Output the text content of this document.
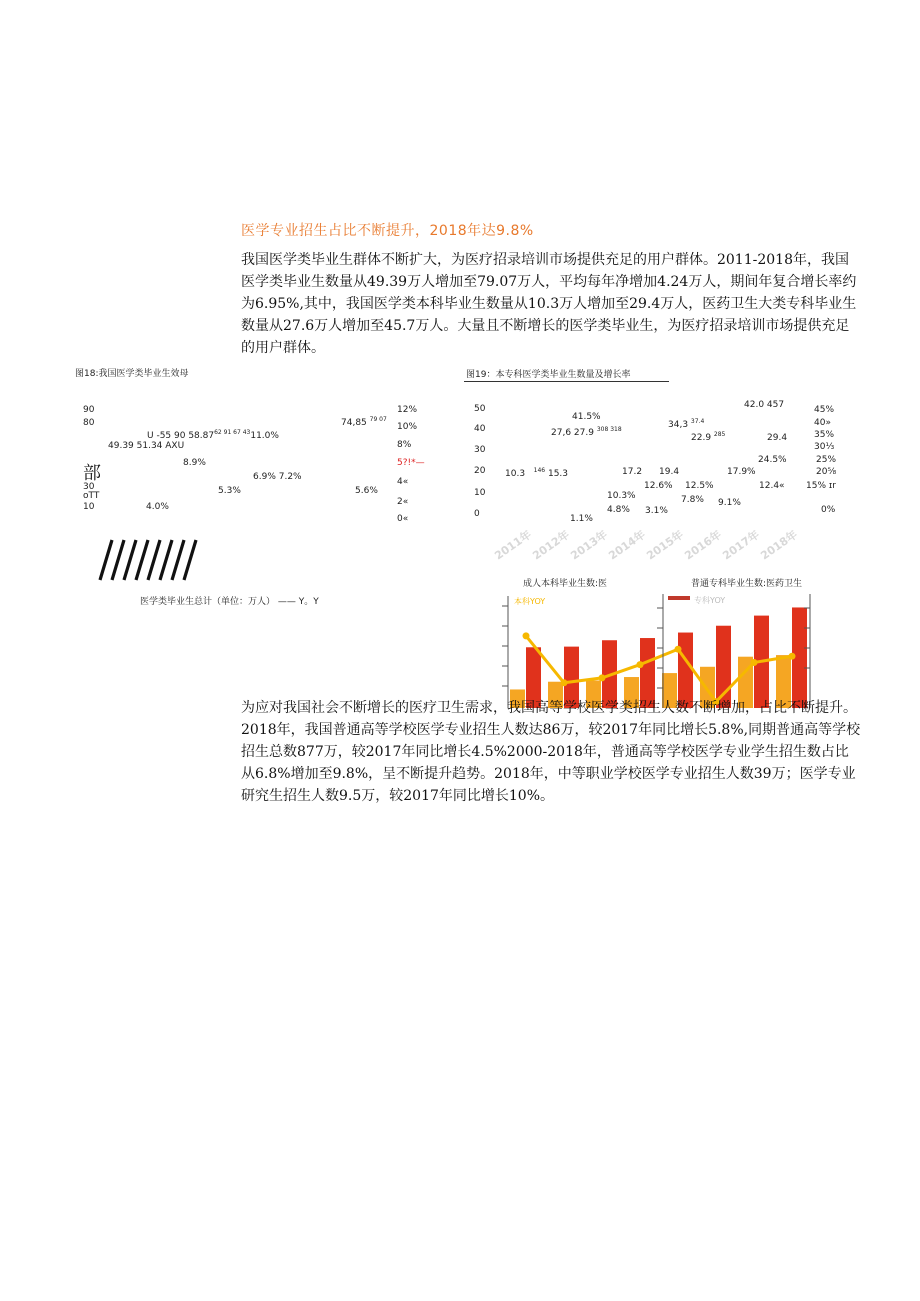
医学专业招生占比不断提升，2018年达9.8%
我国医学类毕业生群体不断扩大，为医疗招录培训市场提供充足的用户群体。2011-2018年，我国医学类毕业生数量从49.39万人增加至79.07万人，平均每年净增加4.24万人，期间年复合增长率约为6.95%,其中，我国医学类本科毕业生数量从10.3万人增加至29.4万人，医药卫生大类专科毕业生数量从27.6万人增加至45.7万人。大量且不断增长的医学类毕业生，为医疗招录培训市场提供充足的用户群体。
图18:我国医学类毕业生效母
90
80
部
30
oTT
10
U -55 90 $58.87^{62 91 67 43}11.0\%$
49.39 51.34 AXU
74,85 $^{79 07}$
8.9%
6.9% 7.2%
5.3%	5.6%
4.0%
12%
10%
8%
5?!*—
4«
2«
0«
医学类毕业生总计（单位：万人） —— Y。Y
图19：本专科医学类毕业生数量及增长率
50
40
30
20
10
0
41.5%
27,6 27.9 $^{308 318}$	34,3 $^{37.4}$
42.0 457
22.9 $^{285}$	29.4
24.5%
10.3 $^{146}$ 15.3	17.2 19.4	17.9%
12.6% 12.5%	12.4«
10.3%	7.8% 9.1%
4.8% 3.1%
1.1%
45%
40»
35%
30⅓
25%
20⅝
15% ɪr
0%
2011年
2012年
2013年
2014年
2015年
2016年
2017年
2018年
成人本科毕业生数:医	普通专科毕业生数:医药卫生
本科YOY	专科YOY
为应对我国社会不断增长的医疗卫生需求，我国高等学校医学类招生人数不断增加，占比不断提升。2018年，我国普通高等学校医学专业招生人数达86万，较2017年同比增长5.8%,同期普通高等学校招生总数877万，较2017年同比增长4.5%2000-2018年，普通高等学校医学专业学生招生数占比从6.8%增加至9.8%，呈不断提升趋势。2018年，中等职业学校医学专业招生人数39万；医学专业研究生招生人数9.5万，较2017年同比增长10%。
